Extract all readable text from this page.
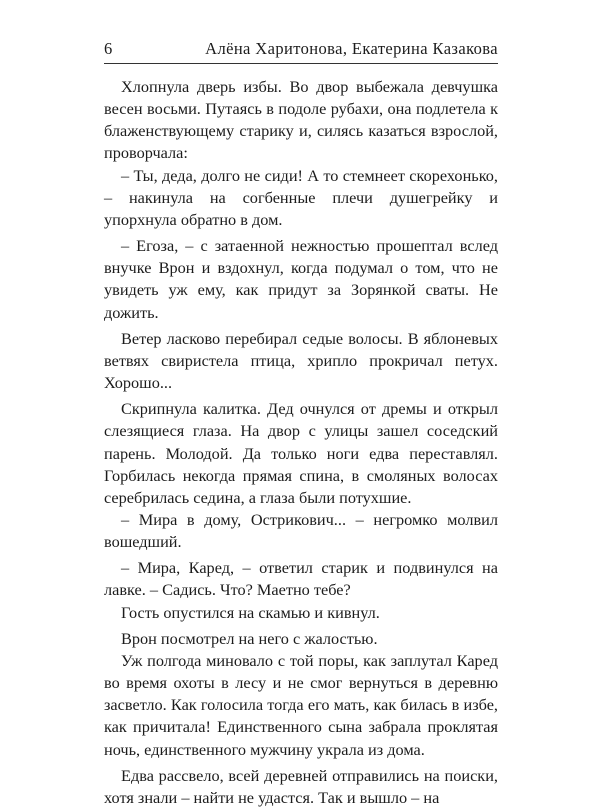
6	Алёна Харитонова, Екатерина Казакова

Хлопнула дверь избы. Во двор выбежала девчушка весен восьми. Путаясь в подоле рубахи, она подлетела к блаженствующему старику и, силясь казаться взрослой, проворчала:

– Ты, деда, долго не сиди! А то стемнеет скорехонько, – накинула на согбенные плечи душегрейку и упорхнула обратно в дом.

– Егоза, – с затаенной нежностью прошептал вслед внучке Врон и вздохнул, когда подумал о том, что не увидеть уж ему, как придут за Зорянкой сваты. Не дожить.

Ветер ласково перебирал седые волосы. В яблоневых ветвях свиристела птица, хрипло прокричал петух. Хорошо...

Скрипнула калитка. Дед очнулся от дремы и открыл слезящиеся глаза. На двор с улицы зашел соседский парень. Молодой. Да только ноги едва переставлял. Горбилась некогда прямая спина, в смоляных волосах серебрилась седина, а глаза были потухшие.

– Мира в дому, Острикович... – негромко молвил вошедший.

– Мира, Каред, – ответил старик и подвинулся на лавке. – Садись. Что? Маетно тебе?

Гость опустился на скамью и кивнул.

Врон посмотрел на него с жалостью.

Уж полгода миновало с той поры, как заплутал Каред во время охоты в лесу и не смог вернуться в деревню засветло. Как голосила тогда его мать, как билась в избе, как причитала! Единственного сына забрала проклятая ночь, единственного мужчину украла из дома.

Едва рассвело, всей деревней отправились на поиски, хотя знали – найти не удастся. Так и вышло – на
